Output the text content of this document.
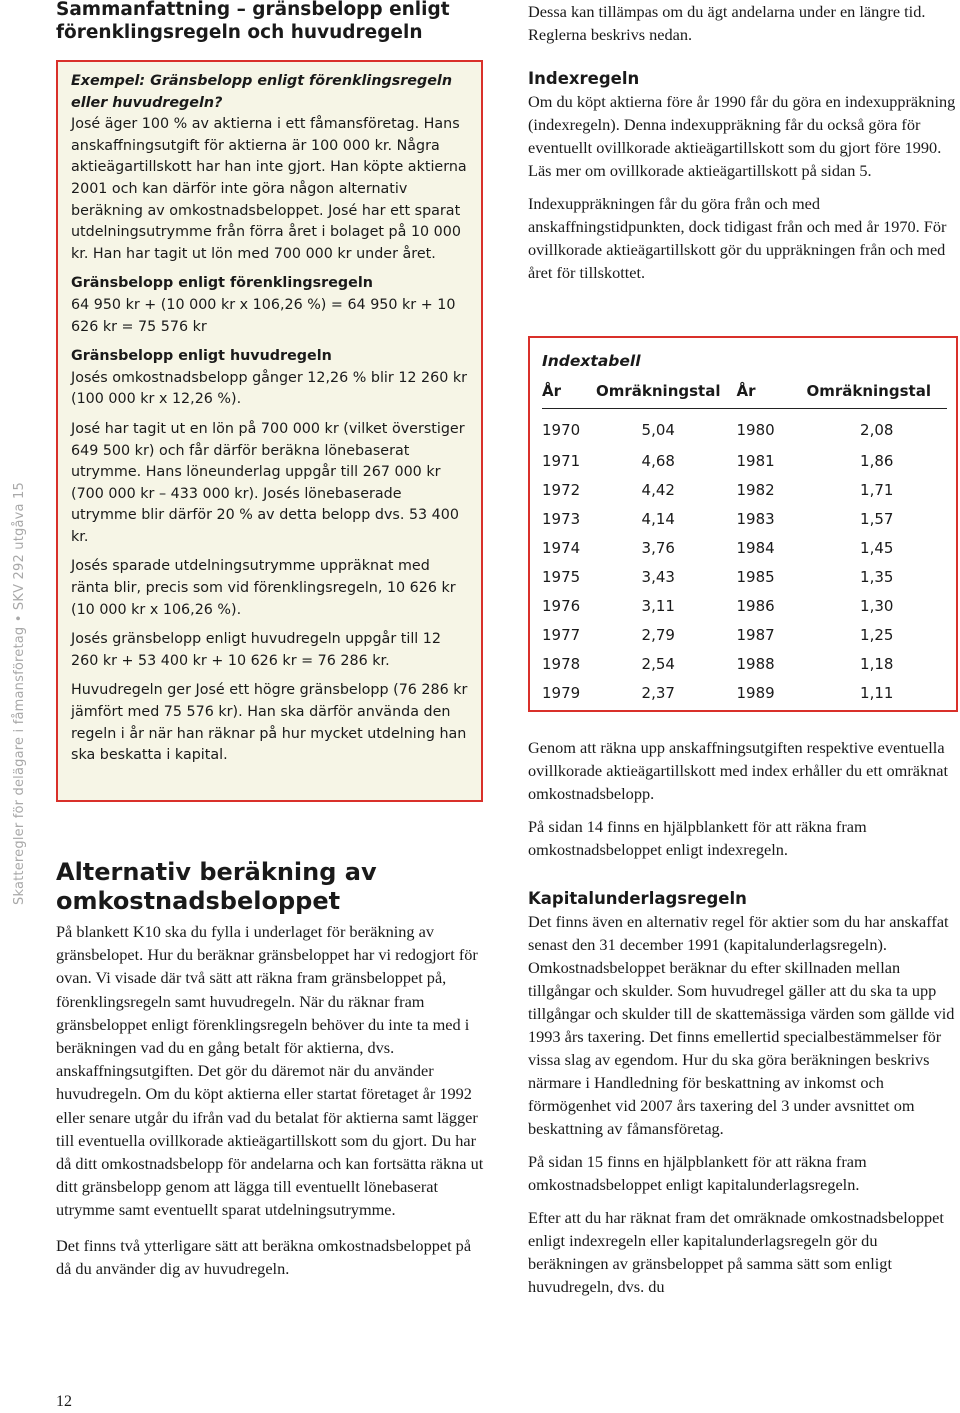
Skatteregler för delägare i fåmansföretag • SKV 292 utgåva 15
Sammanfattning – gränsbelopp enligt förenklingsregeln och huvudregeln

Exempel: Gränsbelopp enligt förenklingsregeln eller huvudregeln?

José äger 100 % av aktierna i ett fåmansföretag. Hans anskaffningsutgift för aktierna är 100 000 kr. Några aktieägartillskott har han inte gjort. Han köpte aktierna 2001 och kan därför inte göra någon alternativ beräkning av omkostnadsbeloppet. José har ett sparat utdelningsutrymme från förra året i bolaget på 10 000 kr. Han har tagit ut lön med 700 000 kr under året.

Gränsbelopp enligt förenklingsregeln
64 950 kr + (10 000 kr x 106,26 %) = 64 950 kr + 10 626 kr = 75 576 kr

Gränsbelopp enligt huvudregeln
Josés omkostnadsbelopp gånger 12,26 % blir 12 260 kr (100 000 kr x 12,26 %).

José har tagit ut en lön på 700 000 kr (vilket överstiger 649 500 kr) och får därför beräkna lönebaserat utrymme. Hans löneunderlag uppgår till 267 000 kr (700 000 kr – 433 000 kr). Josés lönebaserade utrymme blir därför 20 % av detta belopp dvs. 53 400 kr.

Josés sparade utdelningsutrymme uppräknat med ränta blir, precis som vid förenklingsregeln, 10 626 kr (10 000 kr x 106,26 %).

Josés gränsbelopp enligt huvudregeln uppgår till 12 260 kr + 53 400 kr + 10 626 kr = 76 286 kr.

Huvudregeln ger José ett högre gränsbelopp (76 286 kr jämfört med 75 576 kr). Han ska därför använda den regeln i år när han räknar på hur mycket utdelning han ska beskatta i kapital.

Alternativ beräkning av omkostnadsbeloppet

På blankett K10 ska du fylla i underlaget för beräkning av gränsbelopet. Hur du beräknar gränsbeloppet har vi redogjort för ovan. Vi visade där två sätt att räkna fram gränsbeloppet på, förenklingsregeln samt huvudregeln. När du räknar fram gränsbeloppet enligt förenklingsregeln behöver du inte ta med i beräkningen vad du en gång betalt för aktierna, dvs. anskaffningsutgiften. Det gör du däremot när du använder huvudregeln. Om du köpt aktierna eller startat företaget år 1992 eller senare utgår du ifrån vad du betalat för aktierna samt lägger till eventuella ovillkorade aktieägartillskott som du gjort. Du har då ditt omkostnadsbelopp för andelarna och kan fortsätta räkna ut ditt gränsbelopp genom att lägga till eventuellt lönebaserat utrymme samt eventuellt sparat utdelningsutrymme.

Det finns två ytterligare sätt att beräkna omkostnadsbeloppet på då du använder dig av huvudregeln.

12

Dessa kan tillämpas om du ägt andelarna under en längre tid. Reglerna beskrivs nedan.

Indexregeln

Om du köpt aktierna före år 1990 får du göra en indexuppräkning (indexregeln). Denna indexuppräkning får du också göra för eventuellt ovillkorade aktieägartillskott som du gjort före 1990. Läs mer om ovillkorade aktieägartillskott på sidan 5.

Indexuppräkningen får du göra från och med anskaffningstidpunkten, dock tidigast från och med år 1970. För ovillkorade aktieägartillskott gör du uppräkningen från och med året för tillskottet.

Indextabell

År	Omräkningstal	År	Omräkningstal
1970	5,04	1980	2,08
1971	4,68	1981	1,86
1972	4,42	1982	1,71
1973	4,14	1983	1,57
1974	3,76	1984	1,45
1975	3,43	1985	1,35
1976	3,11	1986	1,30
1977	2,79	1987	1,25
1978	2,54	1988	1,18
1979	2,37	1989	1,11

Genom att räkna upp anskaffningsutgiften respektive eventuella ovillkorade aktieägartillskott med index erhåller du ett omräknat omkostnadsbelopp.

På sidan 14 finns en hjälpblankett för att räkna fram omkostnadsbeloppet enligt indexregeln.

Kapitalunderlagsregeln

Det finns även en alternativ regel för aktier som du har anskaffat senast den 31 december 1991 (kapitalunderlagsregeln). Omkostnadsbeloppet beräknar du efter skillnaden mellan tillgångar och skulder. Som huvudregel gäller att du ska ta upp tillgångar och skulder till de skattemässiga värden som gällde vid 1993 års taxering. Det finns emellertid specialbestämmelser för vissa slag av egendom. Hur du ska göra beräkningen beskrivs närmare i Handledning för beskattning av inkomst och förmögenhet vid 2007 års taxering del 3 under avsnittet om beskattning av fåmansföretag.

På sidan 15 finns en hjälpblankett för att räkna fram omkostnadsbeloppet enligt kapitalunderlagsregeln.

Efter att du har räknat fram det omräknade omkostnadsbeloppet enligt indexregeln eller kapitalunderlagsregeln gör du beräkningen av gränsbeloppet på samma sätt som enligt huvudregeln, dvs. du
